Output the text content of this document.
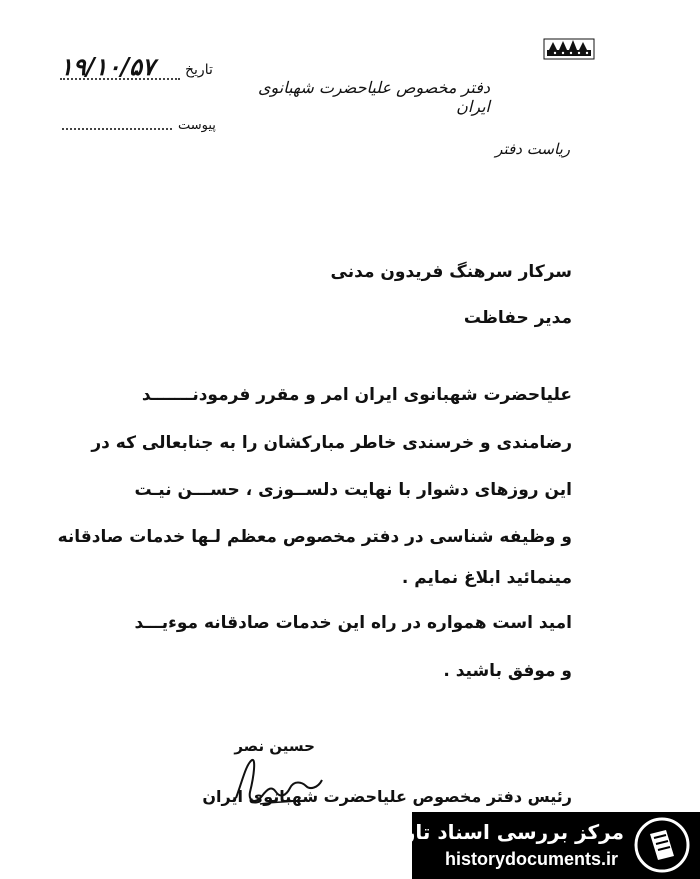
دفتر مخصوص علیاحضرت شهبانوی ایران
ریاست دفتر
تاریخ
۱۹/۱۰/۵۷
پیوست
سرکار سرهنگ فریدون مدنی
مدیر حفاظت
علیاحضرت شهبانوی ایران امر و مقرر فرمودنـــــــد
رضامندی و خرسندی خاطر مبارکشان را به جنابعالی که در
این روزهای دشوار با نهایت دلســوزی ، حســـن نیـت
و وظیفه شناسی در دفتر مخصوص معظم لـها خدمات صادقانه
مینمائید ابلاغ نمایم .
امید است همواره در راه این خدمات صادقانه موءیـــد
و موفق باشید .
حسین نصر
رئیس دفتر مخصوص علیاحضرت شهبانوی ایران
مرکز بررسی اسناد تاریخی
historydocuments.ir
